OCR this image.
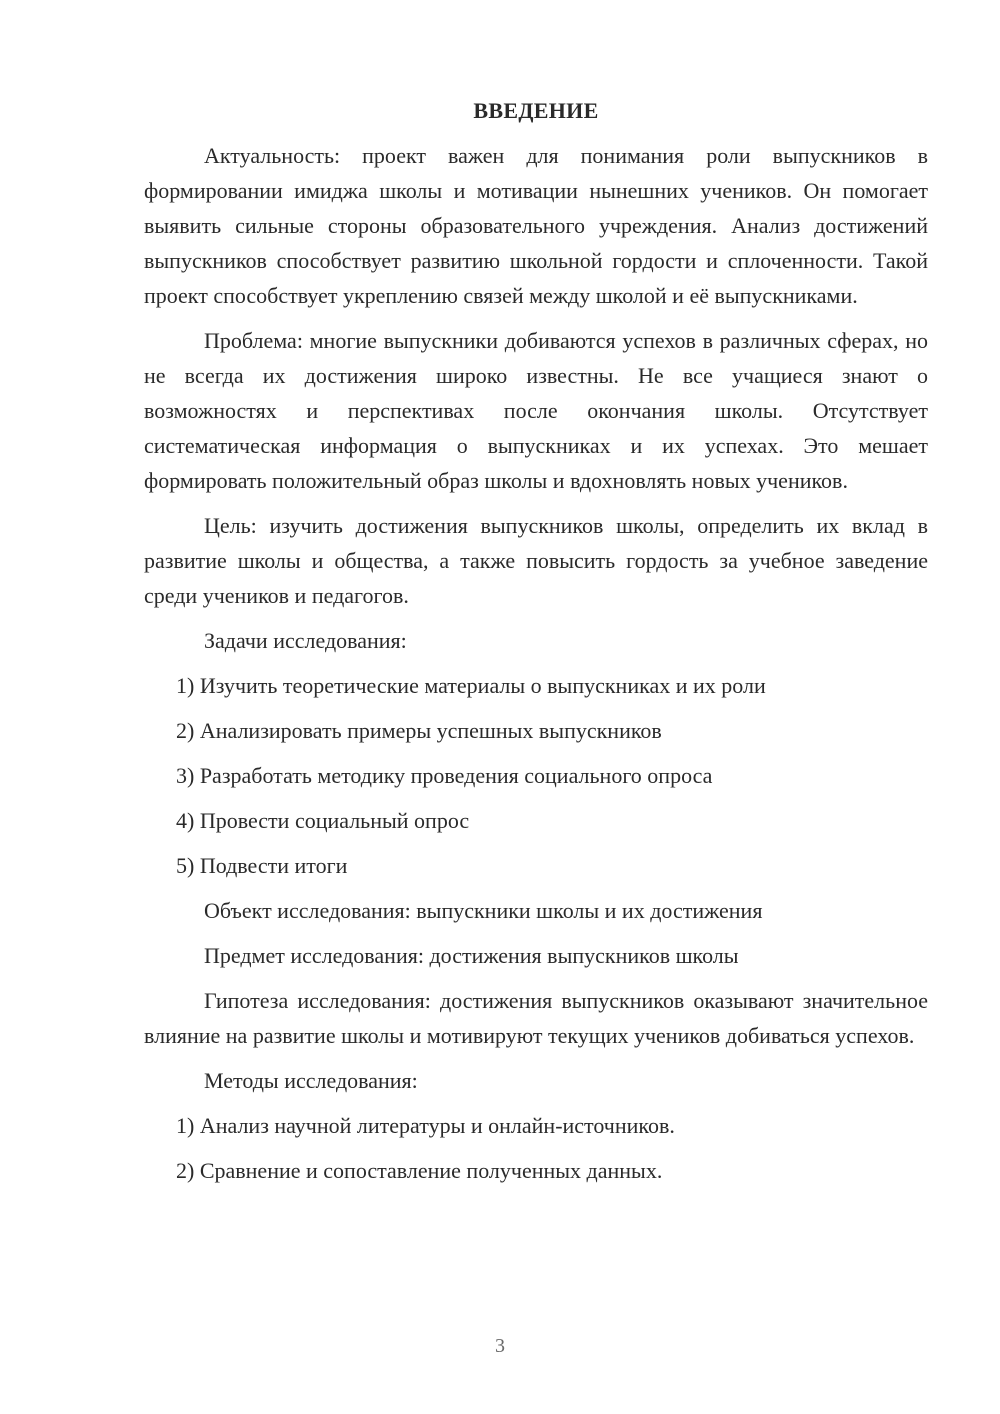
ВВЕДЕНИЕ

Актуальность: проект важен для понимания роли выпускников в формировании имиджа школы и мотивации нынешних учеников. Он помогает выявить сильные стороны образовательного учреждения. Анализ достижений выпускников способствует развитию школьной гордости и сплоченности. Такой проект способствует укреплению связей между школой и её выпускниками.

Проблема: многие выпускники добиваются успехов в различных сферах, но не всегда их достижения широко известны. Не все учащиеся знают о возможностях и перспективах после окончания школы. Отсутствует систематическая информация о выпускниках и их успехах. Это мешает формировать положительный образ школы и вдохновлять новых учеников.

Цель: изучить достижения выпускников школы, определить их вклад в развитие школы и общества, а также повысить гордость за учебное заведение среди учеников и педагогов.

Задачи исследования:
1) Изучить теоретические материалы о выпускниках и их роли
2) Анализировать примеры успешных выпускников
3) Разработать методику проведения социального опроса
4) Провести социальный опрос
5) Подвести итоги
Объект исследования: выпускники школы и их достижения
Предмет исследования: достижения выпускников школы

Гипотеза исследования: достижения выпускников оказывают значительное влияние на развитие школы и мотивируют текущих учеников добиваться успехов.

Методы исследования:
1) Анализ научной литературы и онлайн-источников.
2) Сравнение и сопоставление полученных данных.
3
